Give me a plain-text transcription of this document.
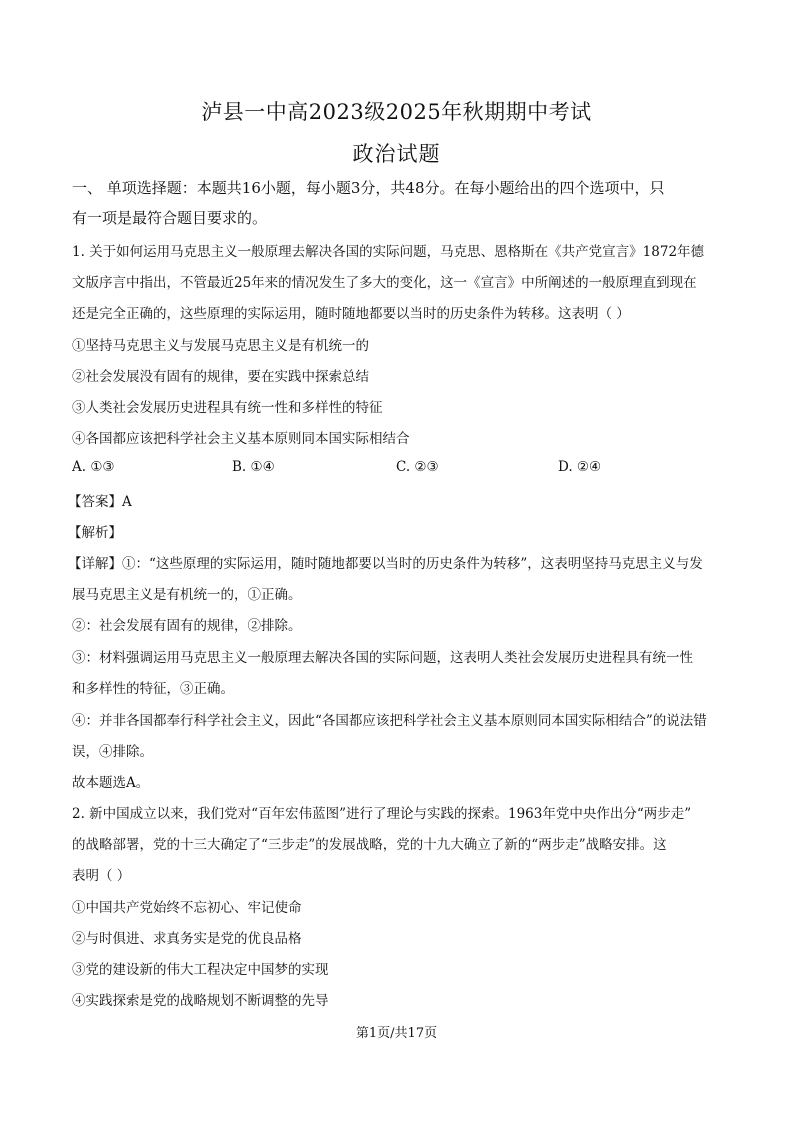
泸县一中高2023级2025年秋期期中考试
政治试题
一、 单项选择题：本题共16小题，每小题3分，共48分。在每小题给出的四个选项中，只
有一项是最符合题目要求的。
1. 关于如何运用马克思主义一般原理去解决各国的实际问题，马克思、恩格斯在《共产党宣言》1872年德
文版序言中指出，不管最近25年来的情况发生了多大的变化，这一《宣言》中所阐述的一般原理直到现在
还是完全正确的，这些原理的实际运用，随时随地都要以当时的历史条件为转移。这表明（ ）
①坚持马克思主义与发展马克思主义是有机统一的
②社会发展没有固有的规律，要在实践中探索总结
③人类社会发展历史进程具有统一性和多样性的特征
④各国都应该把科学社会主义基本原则同本国实际相结合
A. ①③	B. ①④	C. ②③	D. ②④
【答案】A
【解析】
【详解】①：“这些原理的实际运用，随时随地都要以当时的历史条件为转移”，这表明坚持马克思主义与发
展马克思主义是有机统一的，①正确。
②：社会发展有固有的规律，②排除。
③：材料强调运用马克思主义一般原理去解决各国的实际问题，这表明人类社会发展历史进程具有统一性
和多样性的特征，③正确。
④：并非各国都奉行科学社会主义，因此“各国都应该把科学社会主义基本原则同本国实际相结合”的说法错
误，④排除。
故本题选A。
2. 新中国成立以来，我们党对“百年宏伟蓝图”进行了理论与实践的探索。1963年党中央作出分“两步走”
的战略部署，党的十三大确定了“三步走”的发展战略，党的十九大确立了新的“两步走”战略安排。这
表明（ ）
①中国共产党始终不忘初心、牢记使命
②与时俱进、求真务实是党的优良品格
③党的建设新的伟大工程决定中国梦的实现
④实践探索是党的战略规划不断调整的先导
第1页/共17页
